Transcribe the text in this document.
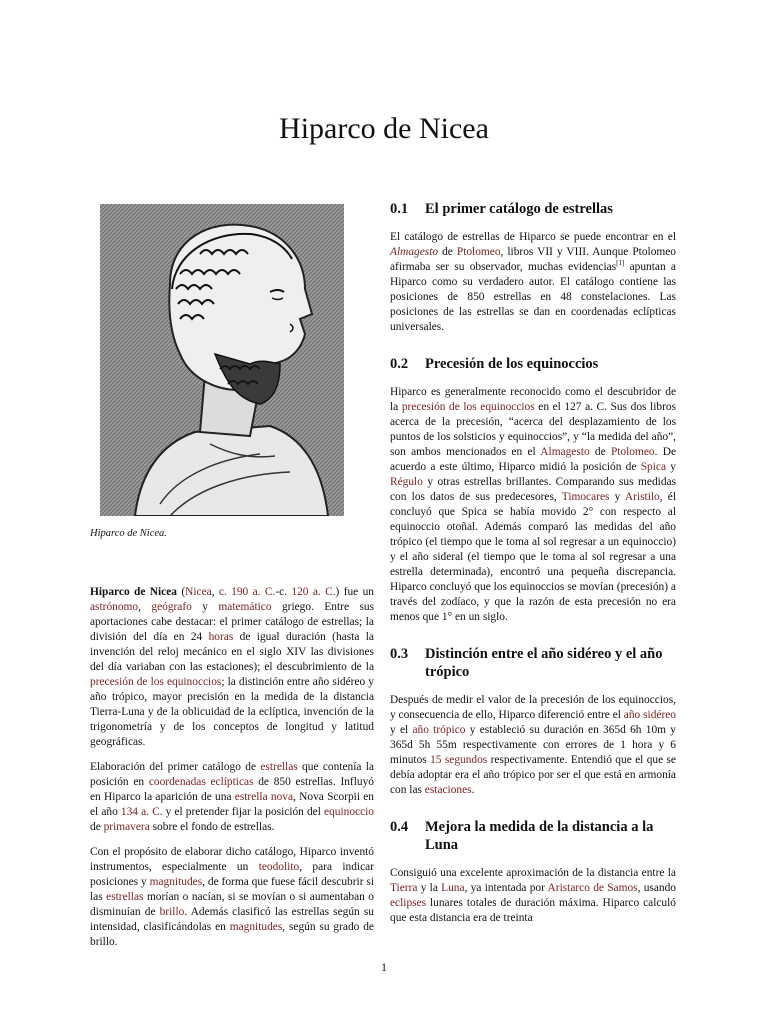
Hiparco de Nicea
Hiparco de Nicea.

Hiparco de Nicea (Nicea, c. 190 a. C.-c. 120 a. C.) fue un astrónomo, geógrafo y matemático griego. Entre sus aportaciones cabe destacar: el primer catálogo de estrellas; la división del día en 24 horas de igual duración (hasta la invención del reloj mecánico en el siglo XIV las divisiones del día variaban con las estaciones); el descubrimiento de la precesión de los equinoccios; la distinción entre año sidéreo y año trópico, mayor precisión en la medida de la distancia Tierra-Luna y de la oblicuidad de la eclíptica, invención de la trigonometría y de los conceptos de longitud y latitud geográficas.

Elaboración del primer catálogo de estrellas que contenía la posición en coordenadas eclípticas de 850 estrellas. Influyó en Hiparco la aparición de una estrella nova, Nova Scorpii en el año 134 a. C. y el pretender fijar la posición del equinoccio de primavera sobre el fondo de estrellas.

Con el propósito de elaborar dicho catálogo, Hiparco inventó instrumentos, especialmente un teodolito, para indicar posiciones y magnitudes, de forma que fuese fácil descubrir si las estrellas morían o nacían, si se movían o si aumentaban o disminuían de brillo. Además clasificó las estrellas según su intensidad, clasificándolas en magnitudes, según su grado de brillo.

0.1	El primer catálogo de estrellas

El catálogo de estrellas de Hiparco se puede encontrar en el Almagesto de Ptolomeo, libros VII y VIII. Aunque Ptolomeo afirmaba ser su observador, muchas evidencias[1] apuntan a Hiparco como su verdadero autor. El catálogo contiene las posiciones de 850 estrellas en 48 constelaciones. Las posiciones de las estrellas se dan en coordenadas eclípticas universales.

0.2	Precesión de los equinoccios

Hiparco es generalmente reconocido como el descubridor de la precesión de los equinoccios en el 127 a. C. Sus dos libros acerca de la precesión, “acerca del desplazamiento de los puntos de los solsticios y equinoccios”, y “la medida del año”, son ambos mencionados en el Almagesto de Ptolomeo. De acuerdo a este último, Hiparco midió la posición de Spica y Régulo y otras estrellas brillantes. Comparando sus medidas con los datos de sus predecesores, Timocares y Aristilo, él concluyó que Spica se había movido 2° con respecto al equinoccio otoñal. Además comparó las medidas del año trópico (el tiempo que le toma al sol regresar a un equinoccio) y el año sideral (el tiempo que le toma al sol regresar a una estrella determinada), encontró una pequeña discrepancia. Hiparco concluyó que los equinoccios se movían (precesión) a través del zodíaco, y que la razón de esta precesión no era menos que 1° en un siglo.

0.3	Distinción entre el año sidéreo y el año trópico

Después de medir el valor de la precesión de los equinoccios, y consecuencia de ello, Hiparco diferenció entre el año sidéreo y el año trópico y estableció su duración en 365d 6h 10m y 365d 5h 55m respectivamente con errores de 1 hora y 6 minutos 15 segundos respectivamente. Entendió que el que se debía adoptar era el año trópico por ser el que está en armonía con las estaciones.

0.4	Mejora la medida de la distancia a la Luna

Consiguió una excelente aproximación de la distancia entre la Tierra y la Luna, ya intentada por Aristarco de Samos, usando eclipses lunares totales de duración máxima. Hiparco calculó que esta distancia era de treinta

1
